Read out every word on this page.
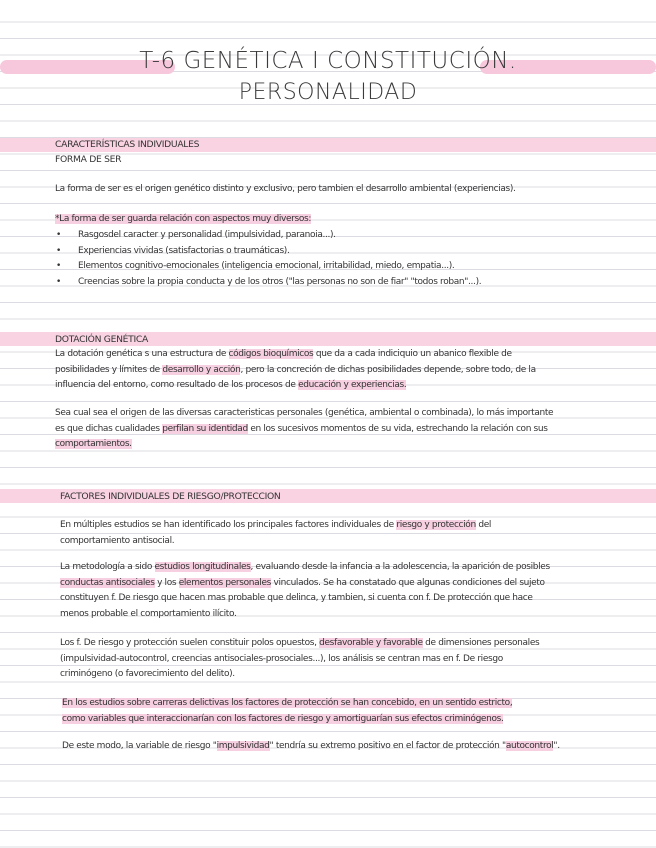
T-6 GENÉTICA I CONSTITUCIÓN.
PERSONALIDAD
CARACTERÍSTICAS INDIVIDUALES
FORMA DE SER
La forma de ser es el origen genético distinto y exclusivo, pero tambien el desarrollo ambiental (experiencias).
*La forma de ser guarda relación con aspectos muy diversos:
• Rasgosdel caracter y personalidad (impulsividad, paranoia...).
• Experiencias vividas (satisfactorias o traumáticas).
• Elementos cognitivo-emocionales (inteligencia emocional, irritabilidad, miedo, empatia...).
• Creencias sobre la propia conducta y de los otros ("las personas no son de fiar" "todos roban"...).
DOTACIÓN GENÉTICA
La dotación genética s una estructura de códigos bioquímicos que da a cada indiciquio un abanico flexible de
posibilidades y límites de desarrollo y acción, pero la concreción de dichas posibilidades depende, sobre todo, de la
influencia del entorno, como resultado de los procesos de educación y experiencias.
Sea cual sea el origen de las diversas caracteristicas personales (genética, ambiental o combinada), lo más importante
es que dichas cualidades perfilan su identidad en los sucesivos momentos de su vida, estrechando la relación con sus
comportamientos.
FACTORES INDIVIDUALES DE RIESGO/PROTECCION
En múltiples estudios se han identificado los principales factores individuales de riesgo y protección del
comportamiento antisocial.
La metodología a sido estudios longitudinales, evaluando desde la infancia a la adolescencia, la aparición de posibles
conductas antisociales y los elementos personales vinculados. Se ha constatado que algunas condiciones del sujeto
constituyen f. De riesgo que hacen mas probable que delinca, y tambien, si cuenta con f. De protección que hace
menos probable el comportamiento ilícito.
Los f. De riesgo y protección suelen constituir polos opuestos, desfavorable y favorable de dimensiones personales
(impulsividad-autocontrol, creencias antisociales-prosociales...), los análisis se centran mas en f. De riesgo
criminógeno (o favorecimiento del delito).
En los estudios sobre carreras delictivas los factores de protección se han concebido, en un sentido estricto,
como variables que interaccionarían con los factores de riesgo y amortiguarían sus efectos criminógenos.
De este modo, la variable de riesgo "impulsividad" tendría su extremo positivo en el factor de protección "autocontrol".
